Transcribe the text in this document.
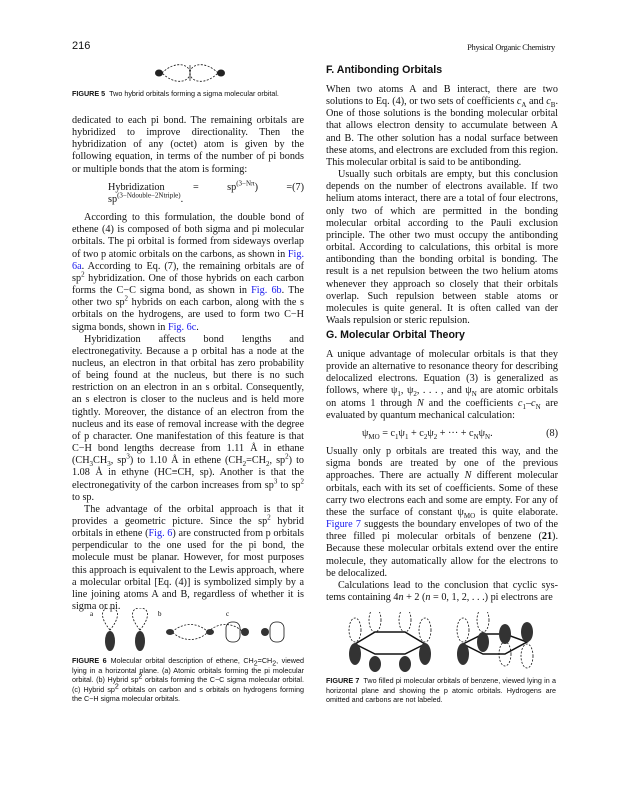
216	Physical Organic Chemistry
FIGURE 5 Two hybrid orbitals forming a sigma molecular orbital.

dedicated to each pi bond. The remaining orbitals are hybridized to improve directionality. Then the hybridization of any (octet) atom is given by the following equation, in terms of the number of pi bonds or multiple bonds that the atom is forming:

Hybridization = $sp^{(3-N\pi}) = sp^{(3-Ndouble-2Ntriple)}$.
(7)

According to this formulation, the double bond of ethene (4) is composed of both sigma and pi molecular orbitals. The pi orbital is formed from sideways overlap of two p atomic orbitals on the carbons, as shown in Fig. 6a. According to Eq. (7), the remaining orbitals are of $sp^2$ hybridization. One of those hybrids on each carbon forms the C−C sigma bond, as shown in Fig. 6b. The other two $sp^2$ hybrids on each carbon, along with the s orbitals on the hydrogens, are used to form two C−H sigma bonds, shown in Fig. 6c.

Hybridization affects bond lengths and electronegativity. Because a p orbital has a node at the nucleus, an electron in that orbital has zero probability of being found at the nucleus, but there is no such restriction on an electron in an s orbital. Consequently, an s electron is closer to the nucleus and is held more tightly. Moreover, the distance of an electron from the nucleus and its ease of removal increase with the degree of p character. One manifestation of this feature is that C−H bond lengths decrease from 1.11 Å in ethane ($CH_3CH_3$, $sp^3$) to 1.10 Å in ethene ($CH_2=CH_2$, $sp^2$) to 1.08 Å in ethyne (HC≡CH, sp). Another is that the electronegativity of the carbon increases from $sp^3$ to $sp^2$ to sp.

The advantage of the orbital approach is that it provides a geometric picture. Since the $sp^2$ hybrid orbitals in ethene (Fig. 6) are constructed from p orbitals perpendicular to the one used for the pi bond, the molecule must be planar. However, for most purposes this approach is equivalent to the Lewis approach, where a molecular orbital [Eq. (4)] is symbolized simply by a line joining atoms A and B, regardless of whether it is sigma or pi.

F. Antibonding Orbitals

When two atoms A and B interact, there are two solutions to Eq. (4), or two sets of coefficients $c_A$ and $c_B$. One of those solutions is the bonding molecular orbital that allows electron density to accumulate between A and B. The other solution has a nodal surface between these atoms, and electrons are excluded from this region. This molecular orbital is said to be antibonding.

Usually such orbitals are empty, but this conclusion depends on the number of electrons available. If two helium atoms interact, there are a total of four electrons, only two of which are permitted in the bonding molecular orbital according to the Pauli exclusion principle. The other two must occupy the antibonding orbital. According to calculations, this orbital is more antibonding than the bonding orbital is bonding. The result is a net repulsion between the two helium atoms whenever they approach so closely that their orbitals overlap. Such repulsion between stable atoms or molecules is quite general. It is often called van der Waals repulsion or steric repulsion.

G. Molecular Orbital Theory

A unique advantage of molecular orbitals is that they provide an alternative to resonance theory for describing delocalized electrons. Equation (3) is generalized as follows, where $\psi_1$, $\psi_2$, . . . , and $\psi_N$ are atomic orbitals on atoms 1 through N and the coefficients $c_1-c_N$ are evaluated by quantum mechanical calculation:

$\psi_{MO} = c_1\psi_1 + c_2\psi_2$ + ··· + $c_N\psi_N$.	(8)

Usually only p orbitals are treated this way, and the sigma bonds are treated by one of the previous approaches. There are actually N different molecular orbitals, each with its set of coefficients. Some of these carry two electrons each and some are empty. For any of these the surface of constant $\psi_{MO}$ is quite elaborate. Figure 7 suggests the boundary envelopes of two of the three filled pi molecular orbitals of benzene (21). Because these molecular orbitals extend over the entire molecule, they automatically allow for the electrons to be delocalized.

Calculations lead to the conclusion that cyclic systems containing 4n + 2 (n = 0, 1, 2, . . .) pi electrons are

a	b	c
FIGURE 6 Molecular orbital description of ethene, $CH_2=CH_2$, viewed lying in a horizontal plane. (a) Atomic orbitals forming the pi molecular orbital. (b) Hybrid $sp^2$ orbitals forming the C−C sigma molecular orbital. (c) Hybrid $sp^2$ orbitals on carbon and s orbitals on hydrogens forming the C−H sigma molecular orbitals.
FIGURE 7 Two filled pi molecular orbitals of benzene, viewed lying in a horizontal plane and showing the p atomic orbitals. Hydrogens are omitted and carbons are not labeled.
